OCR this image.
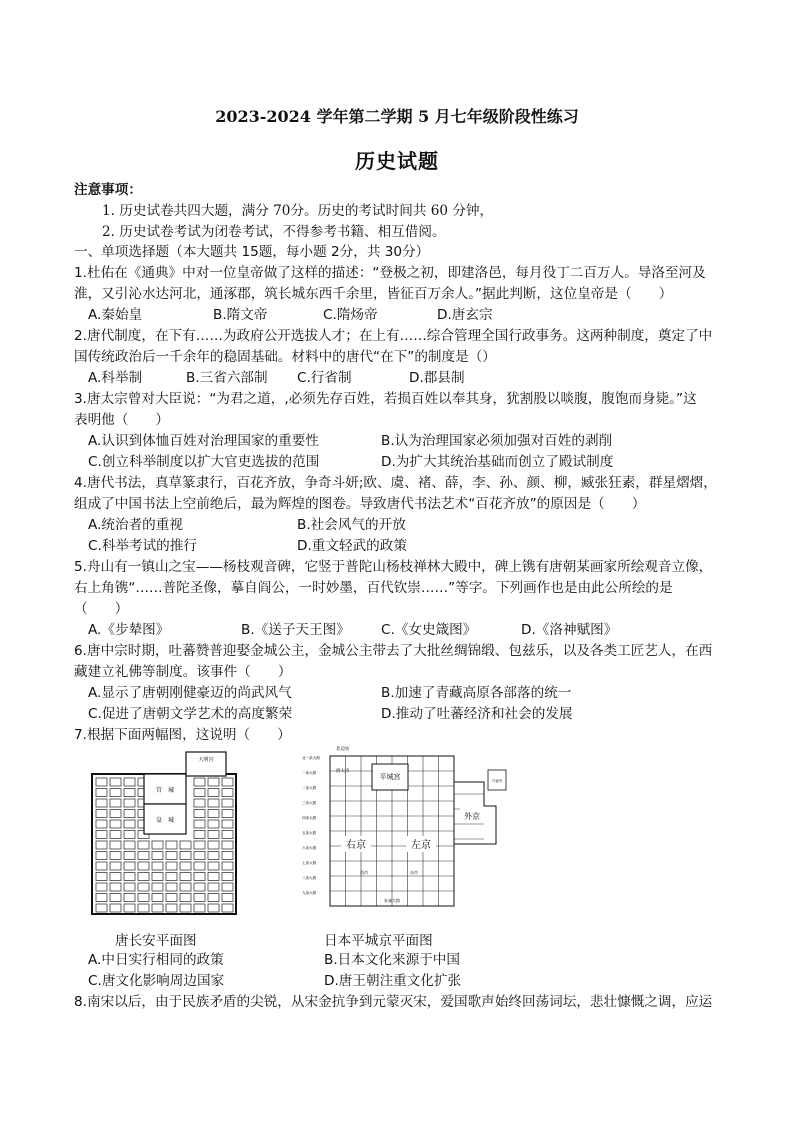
2023-2024 学年第二学期 5 月七年级阶段性练习
历史试题
注意事项：
1. 历史试卷共四大题，满分 70分。历史的考试时间共 60 分钟，
2. 历史试卷考试为闭卷考试，不得参考书籍、相互借阅。
一、单项选择题（本大题共 15题，每小题 2分，共 30分）
1.杜佑在《通典》中对一位皇帝做了这样的描述：“登极之初，即建洛邑，每月役丁二百万人。导洛至河及
淮，又引沁水达河北，通涿郡，筑长城东西千余里，皆征百万余人。”据此判断，这位皇帝是（　　）
A.秦始皇	B.隋文帝	C.隋炀帝	D.唐玄宗
2.唐代制度，在下有……为政府公开选拔人才；在上有……综合管理全国行政事务。这两种制度，奠定了中
国传统政治后一千余年的稳固基础。材料中的唐代“在下”的制度是（）
A.科举制	B.三省六部制 C.行省制	D.郡县制
3.唐太宗曾对大臣说：“为君之道，,必须先存百姓，若损百姓以奉其身，犹割股以啖腹，腹饱而身毙。”这
表明他（　　）
A.认识到体恤百姓对治理国家的重要性	B.认为治理国家必须加强对百姓的剥削
C.创立科举制度以扩大官吏选拔的范围	D.为扩大其统治基础而创立了殿试制度
4.唐代书法，真草篆隶行，百花齐放，争奇斗妍;欧、虞、褚、薛，李、孙、颜、柳，臧张狂素，群星熠熠，
组成了中国书法上空前绝后，最为辉煌的图卷。导致唐代书法艺术“百花齐放”的原因是（　　）
A.统治者的重视	B.社会风气的开放
C.科举考试的推行	D.重文轻武的政策
5.舟山有一镇山之宝——杨枝观音碑，它竖于普陀山杨枝禅林大殿中，碑上镌有唐朝某画家所绘观音立像，
右上角镌“……普陀圣像，摹自阎公，一时妙墨，百代钦崇……”等字。下列画作也是由此公所绘的是
（　　）
A.《步辇图》	B.《送子天王图》 C.《女史箴图》	D.《洛神赋图》
6.唐中宗时期，吐蕃赞普迎娶金城公主，金城公主带去了大批丝绸锦缎、包兹乐，以及各类工匠艺人，在西
藏建立礼佛等制度。该事件（　　）
A.显示了唐朝刚健豪迈的尚武风气	B.加速了青藏高原各部落的统一
C.促进了唐朝文学艺术的高度繁荣	D.推动了吐蕃经济和社会的发展
7.根据下面两幅图，这说明（　　）
大明宫
宫　城
皇　城
唐长安平面图
北边坊
西大寺
平城宫
右京	左京
外京
兴福寺
西市	东市
朱雀大路
北一条大路
一条大路
二条大路
三条大路
四条大路
五条大路
六条大路
七条大路
八条大路
九条大路
日本平城京平面图
A.中日实行相同的政策	B.日本文化来源于中国
C.唐文化影响周边国家	D.唐王朝注重文化扩张
8.南宋以后，由于民族矛盾的尖锐，从宋金抗争到元蒙灭宋，爱国歌声始终回荡词坛，悲壮慷慨之调，应运
